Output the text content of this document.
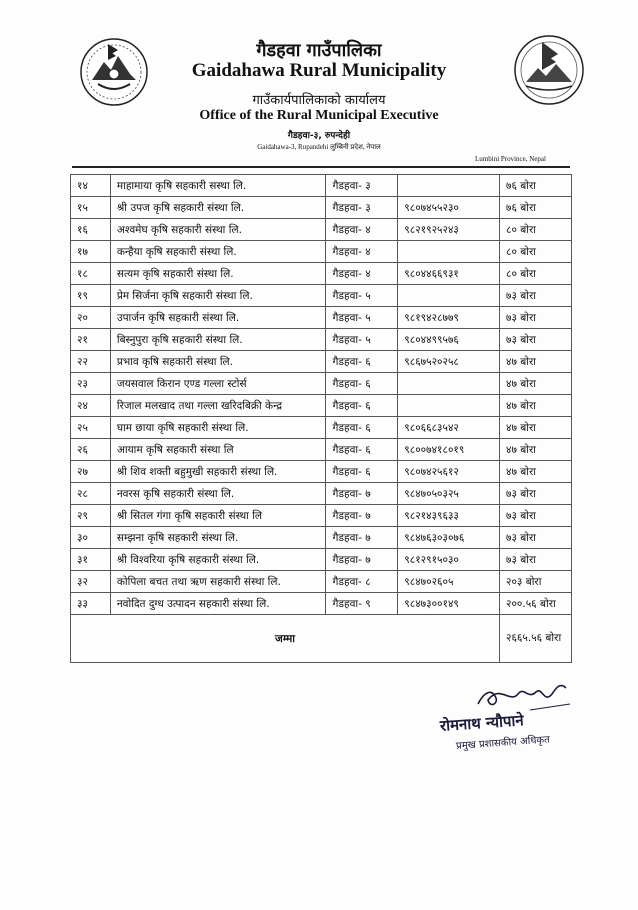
गैडहवा गाउँपालिका
Gaidahawa Rural Municipality
गाउँकार्यपालिकाको कार्यालय
Office of the Rural Municipal Executive
गैडहवा-३, रुपन्देही
Gaidahawa-3, Rupandehi लुम्बिनी प्रदेश, नेपाल
Lumbini Province, Nepal
१४	माहामाया कृषि सहकारी सस्था लि.	गैडहवा- ३		७६ बोरा
१५	श्री उपज कृषि सहकारी संस्था लि.	गैडहवा- ३	९८०७४५५२३०	७६ बोरा
१६	अश्वमेघ कृषि सहकारी संस्था लि.	गैडहवा- ४	९८२१९२५२४३	८० बोरा
१७	कन्हैया कृषि सहकारी संस्था लि.	गैडहवा- ४		८० बोरा
१८	सत्यम कृषि सहकारी संस्था लि.	गैडहवा- ४	९८०४४६६९३१	८० बोरा
१९	प्रेम सिर्जना कृषि सहकारी संस्था लि.	गैडहवा- ५		७३ बोरा
२०	उपार्जन कृषि सहकारी संस्था लि.	गैडहवा- ५	९८१९४२८७७९	७३ बोरा
२१	बिस्नुपुरा कृषि सहकारी संस्था लि.	गैडहवा- ५	९८०४४९९५७६	७३ बोरा
२२	प्रभाव कृषि सहकारी संस्था लि.	गैडहवा- ६	९८६७५२०२५८	४७ बोरा
२३	जयसवाल किरान एण्ड गल्ला स्टोर्स	गैडहवा- ६		४७ बोरा
२४	रिजाल मलखाद तथा गल्ला खरिदबिक्री केन्द्र	गैडहवा- ६		४७ बोरा
२५	घाम छाया कृषि सहकारी संस्था लि.	गैडहवा- ६	९८०६६८३५४२	४७ बोरा
२६	आयाम कृषि सहकारी संस्था लि	गैडहवा- ६	९८००७४१८०१९	४७ बोरा
२७	श्री शिव शक्ती बहुमुखी सहकारी संस्था लि.	गैडहवा- ६	९८०७४२५६१२	४७ बोरा
२८	नवरस कृषि सहकारी संस्था लि.	गैडहवा- ७	९८४७०५०३२५	७३ बोरा
२९	श्री सितल गंगा कृषि सहकारी संस्था लि	गैडहवा- ७	९८२१४३९६३३	७३ बोरा
३०	सम्झना कृषि सहकारी संस्था लि.	गैडहवा- ७	९८४७६३०३०७६	७३ बोरा
३१	श्री विश्वरिया कृषि सहकारी संस्था लि.	गैडहवा- ७	९८१२९१५०३०	७३ बोरा
३२	कोपिला बचत तथा ऋण सहकारी संस्था लि.	गैडहवा- ८	९८४७०२६०५	२०३ बोरा
३३	नवोदित दुग्ध उत्पादन सहकारी संस्था लि.	गैडहवा- ९	९८४७३००१४९	२००.५६ बोरा
जम्मा				२६६५.५६ बोरा
रोमनाथ न्यौपाने
प्रमुख प्रशासकीय अधिकृत
